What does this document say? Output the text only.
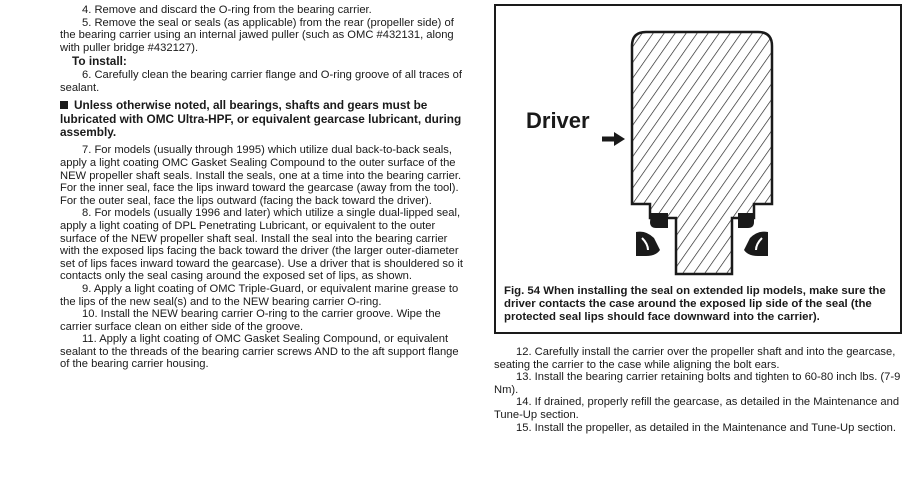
4. Remove and discard the O-ring from the bearing carrier.

5. Remove the seal or seals (as applicable) from the rear (propeller side) of the bearing carrier using an internal jawed puller (such as OMC #432131, along with puller bridge #432127).

To install:

6. Carefully clean the bearing carrier flange and O-ring groove of all traces of sealant.

Unless otherwise noted, all bearings, shafts and gears must be lubricated with OMC Ultra-HPF, or equivalent gearcase lubricant, during assembly.

7. For models (usually through 1995) which utilize dual back-to-back seals, apply a light coating OMC Gasket Sealing Compound to the outer surface of the NEW propeller shaft seals. Install the seals, one at a time into the bearing carrier. For the inner seal, face the lips inward toward the gearcase (away from the tool). For the outer seal, face the lips outward (facing the back toward the driver).

8. For models (usually 1996 and later) which utilize a single dual-lipped seal, apply a light coating of DPL Penetrating Lubricant, or equivalent to the outer surface of the NEW propeller shaft seal. Install the seal into the bearing carrier with the exposed lips facing the back toward the driver (the larger outer-diameter set of lips faces inward toward the gearcase). Use a driver that is shouldered so it contacts only the seal casing around the exposed set of lips, as shown.

9. Apply a light coating of OMC Triple-Guard, or equivalent marine grease to the lips of the new seal(s) and to the NEW bearing carrier O-ring.

10. Install the NEW bearing carrier O-ring to the carrier groove. Wipe the carrier surface clean on either side of the groove.

11. Apply a light coating of OMC Gasket Sealing Compound, or equivalent sealant to the threads of the bearing carrier screws AND to the aft support flange of the bearing carrier housing.

Driver
Fig. 54 When installing the seal on extended lip models, make sure the driver contacts the case around the exposed lip side of the seal (the protected seal lips should face downward into the carrier).

12. Carefully install the carrier over the propeller shaft and into the gearcase, seating the carrier to the case while aligning the bolt ears.

13. Install the bearing carrier retaining bolts and tighten to 60-80 inch lbs. (7-9 Nm).

14. If drained, properly refill the gearcase, as detailed in the Maintenance and Tune-Up section.

15. Install the propeller, as detailed in the Maintenance and Tune-Up section.
